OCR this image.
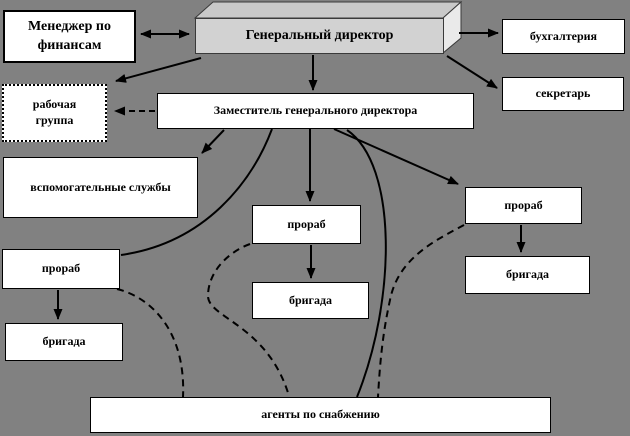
Менеджер по финансам
Генеральный директор	бухгалтерия
секретарь
рабочая группа
Заместитель генерального директора
вспомогательные службы
прораб
прораб
прораб
бригада
бригада
бригада
агенты по снабжению
